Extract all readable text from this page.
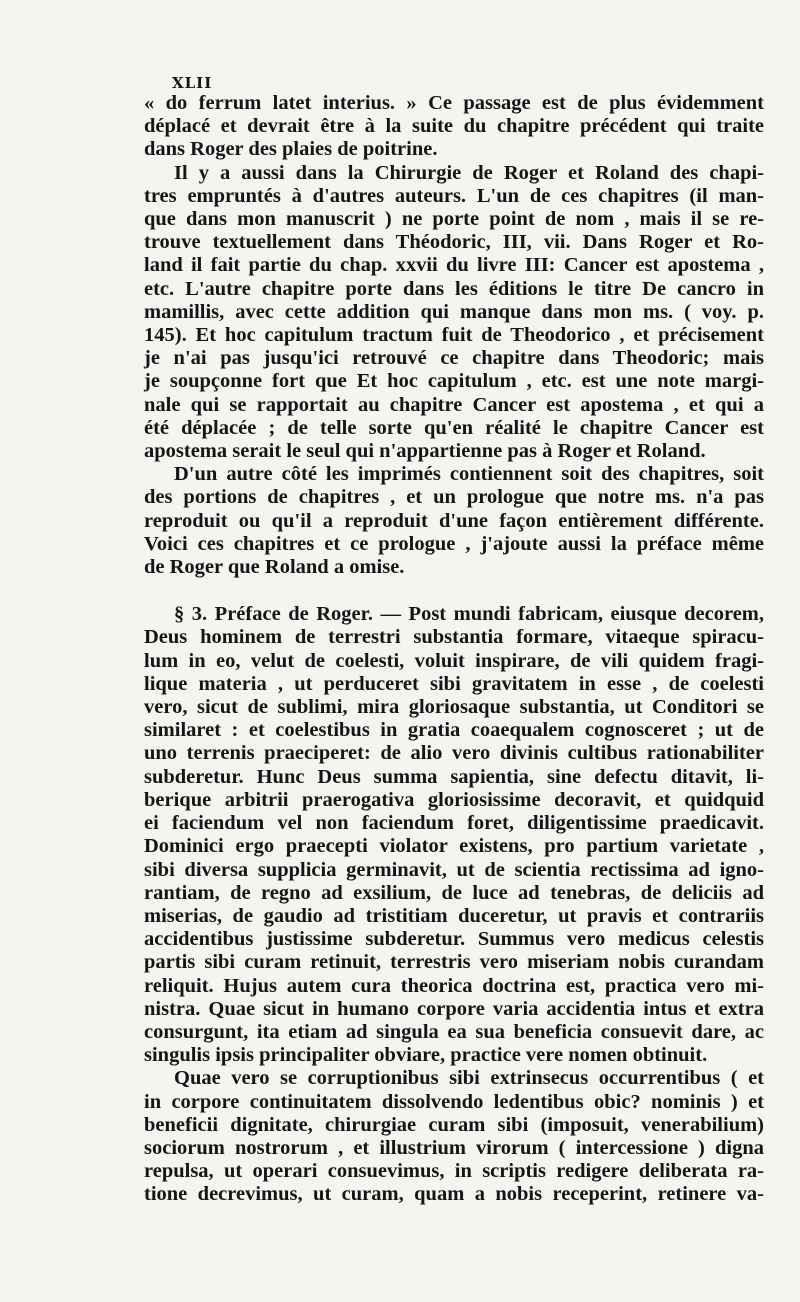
XLII

« do ferrum latet interius. » Ce passage est de plus évidemment
déplacé et devrait être à la suite du chapitre précédent qui traite
dans Roger des plaies de poitrine.

Il y a aussi dans la Chirurgie de Roger et Roland des chapi-
tres empruntés à d'autres auteurs. L'un de ces chapitres (il man-
que dans mon manuscrit ) ne porte point de nom , mais il se re-
trouve textuellement dans Théodoric, III, vii. Dans Roger et Ro-
land il fait partie du chap. xxvii du livre III: Cancer est apostema ,
etc. L'autre chapitre porte dans les éditions le titre De cancro in
mamillis, avec cette addition qui manque dans mon ms. ( voy. p.
145). Et hoc capitulum tractum fuit de Theodorico , et précisement
je n'ai pas jusqu'ici retrouvé ce chapitre dans Theodoric; mais
je soupçonne fort que Et hoc capitulum , etc. est une note margi-
nale qui se rapportait au chapitre Cancer est apostema , et qui a
été déplacée ; de telle sorte qu'en réalité le chapitre Cancer est
apostema serait le seul qui n'appartienne pas à Roger et Roland.

D'un autre côté les imprimés contiennent soit des chapitres, soit
des portions de chapitres , et un prologue que notre ms. n'a pas
reproduit ou qu'il a reproduit d'une façon entièrement différente.
Voici ces chapitres et ce prologue , j'ajoute aussi la préface même
de Roger que Roland a omise.

§ 3. Préface de Roger. — Post mundi fabricam, eiusque decorem,
Deus hominem de terrestri substantia formare, vitaeque spiracu-
lum in eo, velut de coelesti, voluit inspirare, de vili quidem fragi-
lique materia , ut perduceret sibi gravitatem in esse , de coelesti
vero, sicut de sublimi, mira gloriosaque substantia, ut Conditori se
similaret : et coelestibus in gratia coaequalem cognosceret ; ut de
uno terrenis praeciperet: de alio vero divinis cultibus rationabiliter
subderetur. Hunc Deus summa sapientia, sine defectu ditavit, li-
berique arbitrii praerogativa gloriosissime decoravit, et quidquid
ei faciendum vel non faciendum foret, diligentissime praedicavit.
Dominici ergo praecepti violator existens, pro partium varietate ,
sibi diversa supplicia germinavit, ut de scientia rectissima ad igno-
rantiam, de regno ad exsilium, de luce ad tenebras, de deliciis ad
miserias, de gaudio ad tristitiam duceretur, ut pravis et contrariis
accidentibus justissime subderetur. Summus vero medicus celestis
partis sibi curam retinuit, terrestris vero miseriam nobis curandam
reliquit. Hujus autem cura theorica doctrina est, practica vero mi-
nistra. Quae sicut in humano corpore varia accidentia intus et extra
consurgunt, ita etiam ad singula ea sua beneficia consuevit dare, ac
singulis ipsis principaliter obviare, practice vere nomen obtinuit.

Quae vero se corruptionibus sibi extrinsecus occurrentibus ( et
in corpore continuitatem dissolvendo ledentibus obic? nominis ) et
beneficii dignitate, chirurgiae curam sibi (imposuit, venerabilium)
sociorum nostrorum , et illustrium virorum ( intercessione ) digna
repulsa, ut operari consuevimus, in scriptis redigere deliberata ra-
tione decrevimus, ut curam, quam a nobis receperint, retinere va-
